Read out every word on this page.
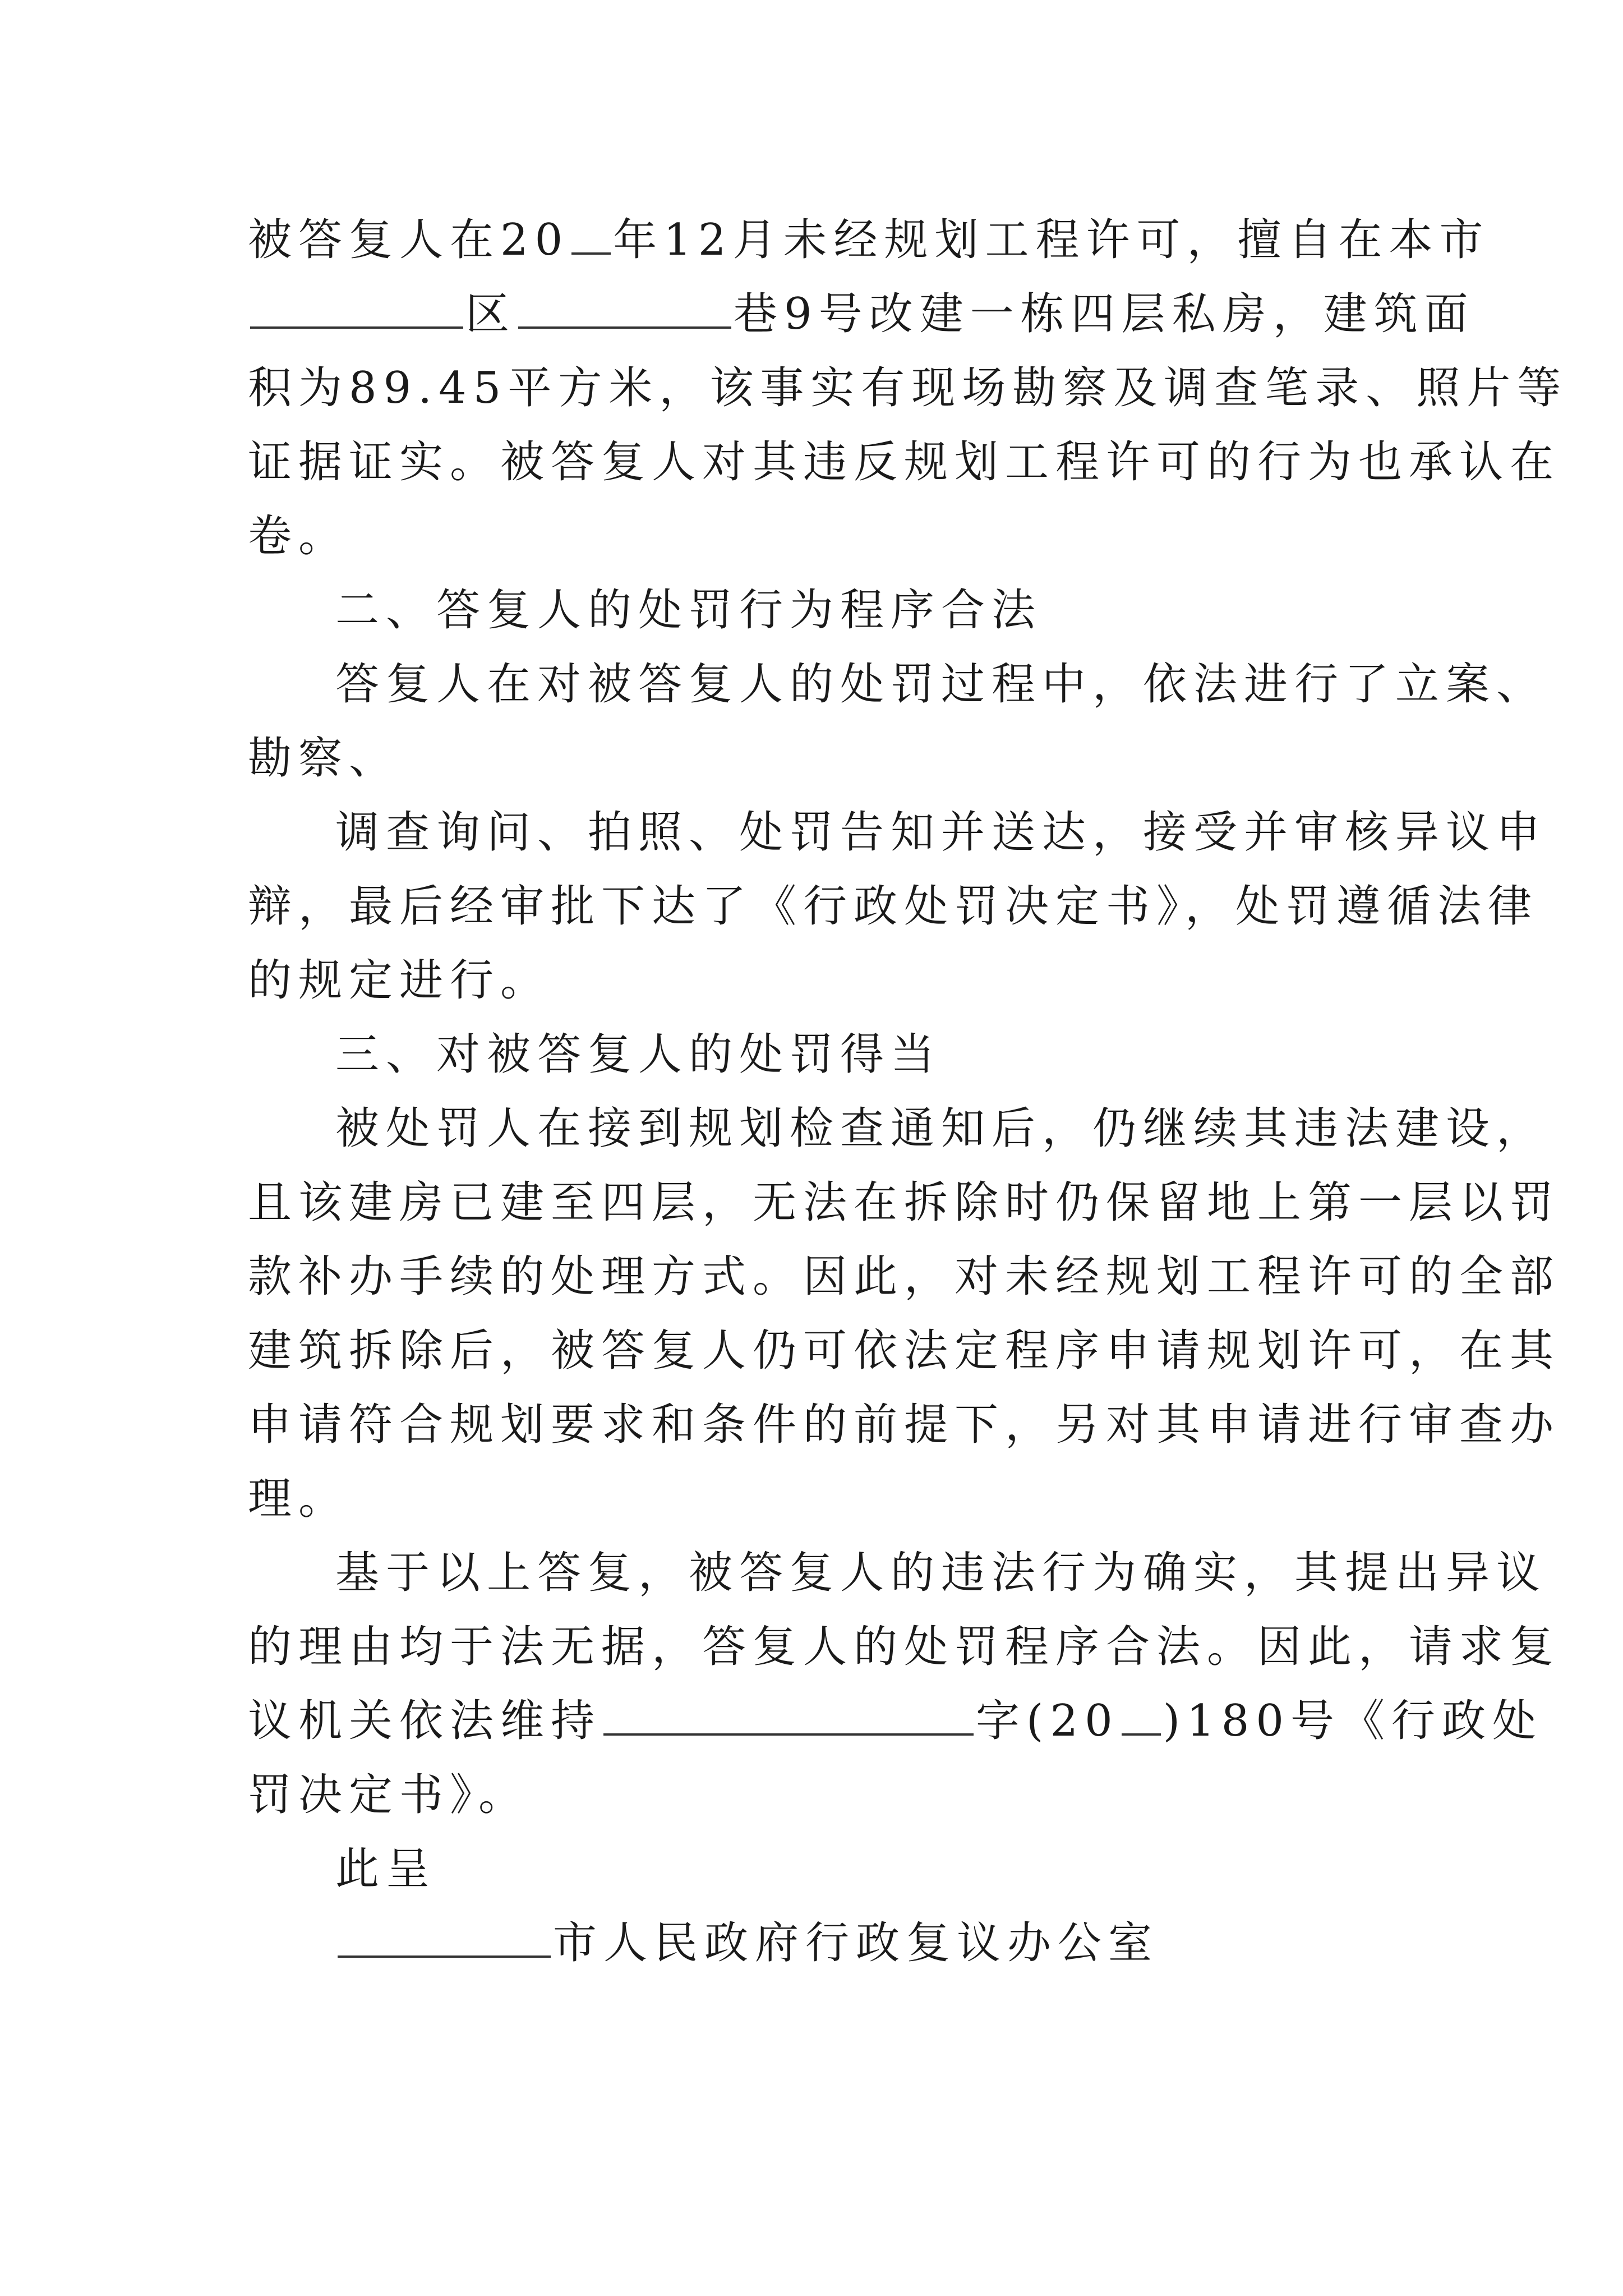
被答复人在20 年12月未经规划工程许可，擅自在本市
区	巷9号改建一栋四层私房，建筑面
积为89.45平方米，该事实有现场勘察及调查笔录、照片等
证据证实。被答复人对其违反规划工程许可的行为也承认在
卷。
二、答复人的处罚行为程序合法
答复人在对被答复人的处罚过程中，依法进行了立案、
勘察、
调查询问、拍照、处罚告知并送达，接受并审核异议申
辩，最后经审批下达了《行政处罚决定书》，处罚遵循法律
的规定进行。
三、对被答复人的处罚得当
被处罚人在接到规划检查通知后，仍继续其违法建设，
且该建房已建至四层，无法在拆除时仍保留地上第一层以罚
款补办手续的处理方式。因此，对未经规划工程许可的全部
建筑拆除后，被答复人仍可依法定程序申请规划许可，在其
申请符合规划要求和条件的前提下，另对其申请进行审查办
理。
基于以上答复，被答复人的违法行为确实，其提出异议
的理由均于法无据，答复人的处罚程序合法。因此，请求复
议机关依法维持	字(20 )180号《行政处
罚决定书》。
此呈
市人民政府行政复议办公室
